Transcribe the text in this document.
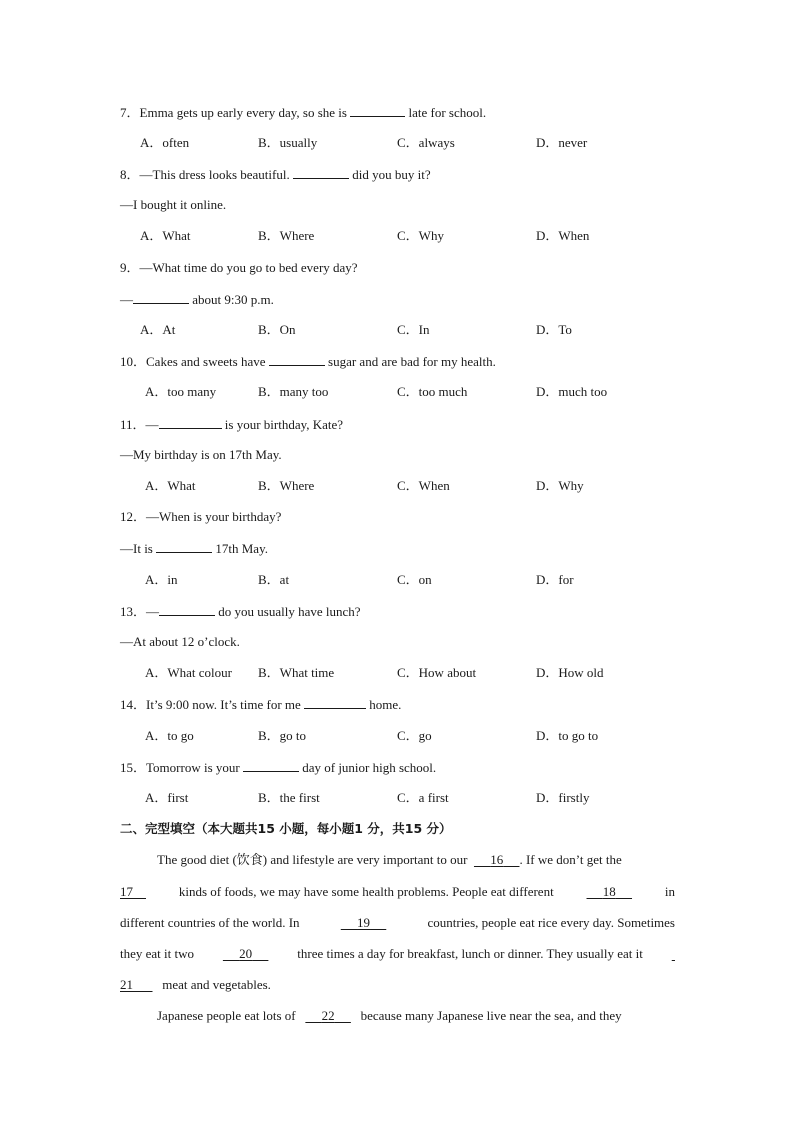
7．Emma gets up early every day, so she is	late for school.
A．often	B．usually	C．always	D．never
8．—This dress looks beautiful.	did you buy it?
—I bought it online.
A．What	B．Where	C．Why	D．When
9．—What time do you go to bed every day?
—	about 9:30 p.m.
A．At	B．On	C．In	D．To
10．Cakes and sweets have	sugar and are bad for my health.
A．too many	B．many too	C．too much	D．much too
11．—	is your birthday, Kate?
—My birthday is on 17th May.
A．What	B．Where	C．When	D．Why
12．—When is your birthday?
—It is	17th May.
A．in	B．at	C．on	D．for
13．—	do you usually have lunch?
—At about 12 o’clock.
A．What colour B．What time	C．How about	D．How old
14．It’s 9:00 now. It’s time for me	home.
A．to go	B．go to	C．go	D．to go to
15．Tomorrow is your	day of junior high school.
A．first	B．the first	C．a first	D．firstly
二、完型填空（本大题共15 小题，每小题1 分，共15 分）
The good diet (饮食) and lifestyle are very important to our 16 . If we don’t get the
17	kinds of foods, we may have some health problems. People eat different	18	in
different countries of the world. In	19	countries, people eat rice every day. Sometimes
they eat it two	20	three times a day for breakfast, lunch or dinner. They usually eat it

21 meat and vegetables.
Japanese people eat lots of 22 because many Japanese live near the sea, and they
